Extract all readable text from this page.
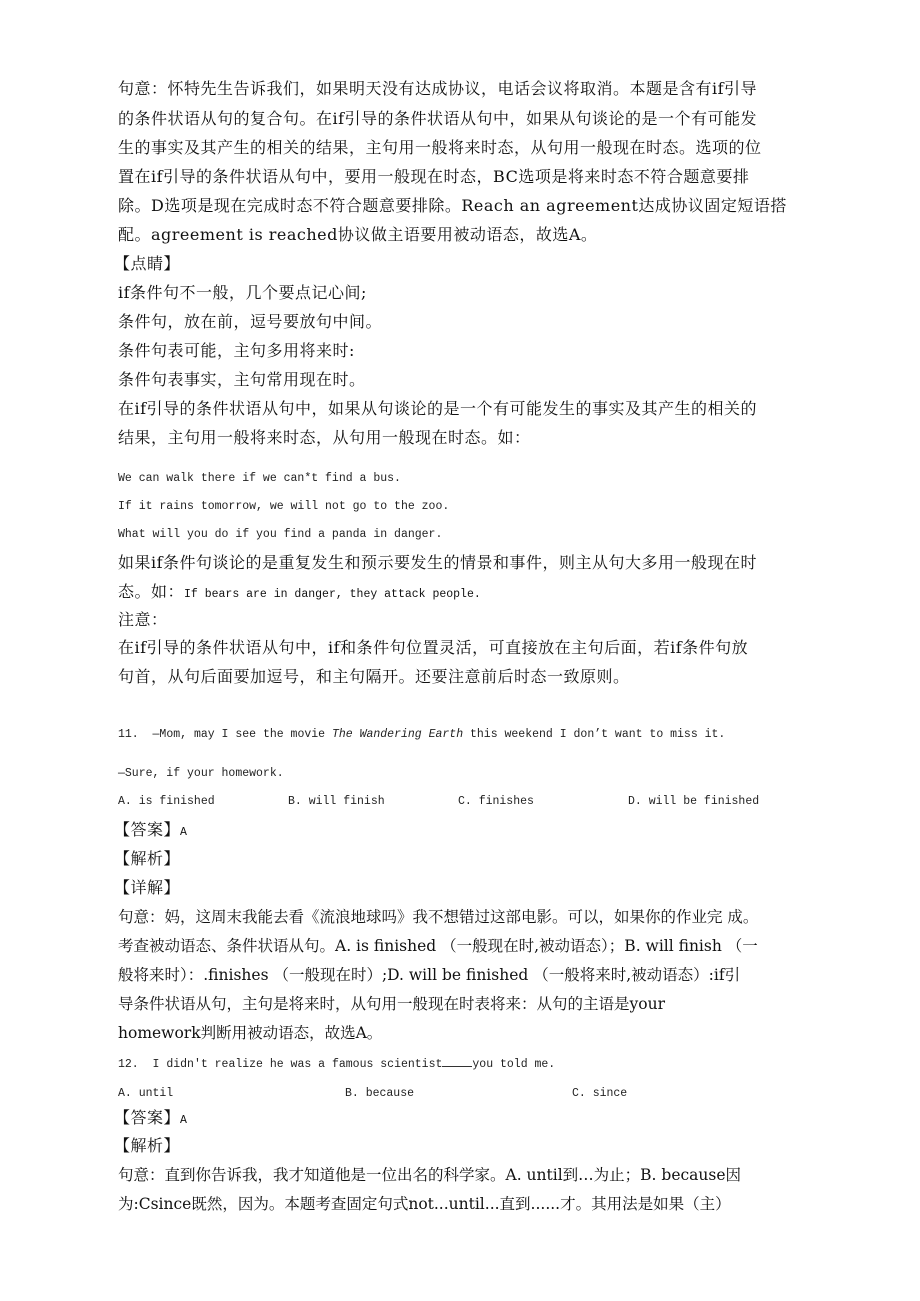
句意：怀特先生告诉我们，如果明天没有达成协议，电话会议将取消。本题是含有if引导
的条件状语从句的复合句。在if引导的条件状语从句中，如果从句谈论的是一个有可能发
生的事实及其产生的相关的结果，主句用一般将来时态，从句用一般现在时态。选项的位
置在if引导的条件状语从句中，要用一般现在时态，BC选项是将来时态不符合题意要排
除。D选项是现在完成时态不符合题意要排除。Reach an agreement达成协议固定短语搭
配。agreement is reached协议做主语要用被动语态，故选A。
【点睛】
if条件句不一般，几个要点记心间;
条件句，放在前，逗号要放句中间。
条件句表可能，主句多用将来时:
条件句表事实，主句常用现在时。
在if引导的条件状语从句中，如果从句谈论的是一个有可能发生的事实及其产生的相关的
结果，主句用一般将来时态，从句用一般现在时态。如：
We can walk there if we can*t find a bus.
If it rains tomorrow, we will not go to the zoo.
What will you do if you find a panda in danger.
如果if条件句谈论的是重复发生和预示要发生的情景和事件，则主从句大多用一般现在时
态。如：If bears are in danger, they attack people.
注意：
在if引导的条件状语从句中，if和条件句位置灵活，可直接放在主句后面，若if条件句放
句首，从句后面要加逗号，和主句隔开。还要注意前后时态一致原则。
11. —Mom, may I see the movie The Wandering Earth this weekend I don’t want to miss it.
—Sure, if your homework.
A. is finished	B. will finish	C. finishes	D. will be finished
【答案】A
【解析】
【详解】
句意：妈，这周末我能去看《流浪地球吗》我不想错过这部电影。可以，如果你的作业完 成。
考查被动语态、条件状语从句。A. is finished （一般现在时,被动语态）；B. will finish （一
般将来时）：.finishes （一般现在时）;D. will be finished （一般将来时,被动语态）:if引
导条件状语从句，主句是将来时，从句用一般现在时表将来：从句的主语是your
homework判断用被动语态，故选A。
12. I didn't realize he was a famous scientist	you told me.
A. until	B. because	C. since
【答案】A
【解析】
句意：直到你告诉我，我才知道他是一位出名的科学家。A. until到…为止；B. because因
为:Csince既然，因为。本题考查固定句式not...until...直到......才。其用法是如果（主）
